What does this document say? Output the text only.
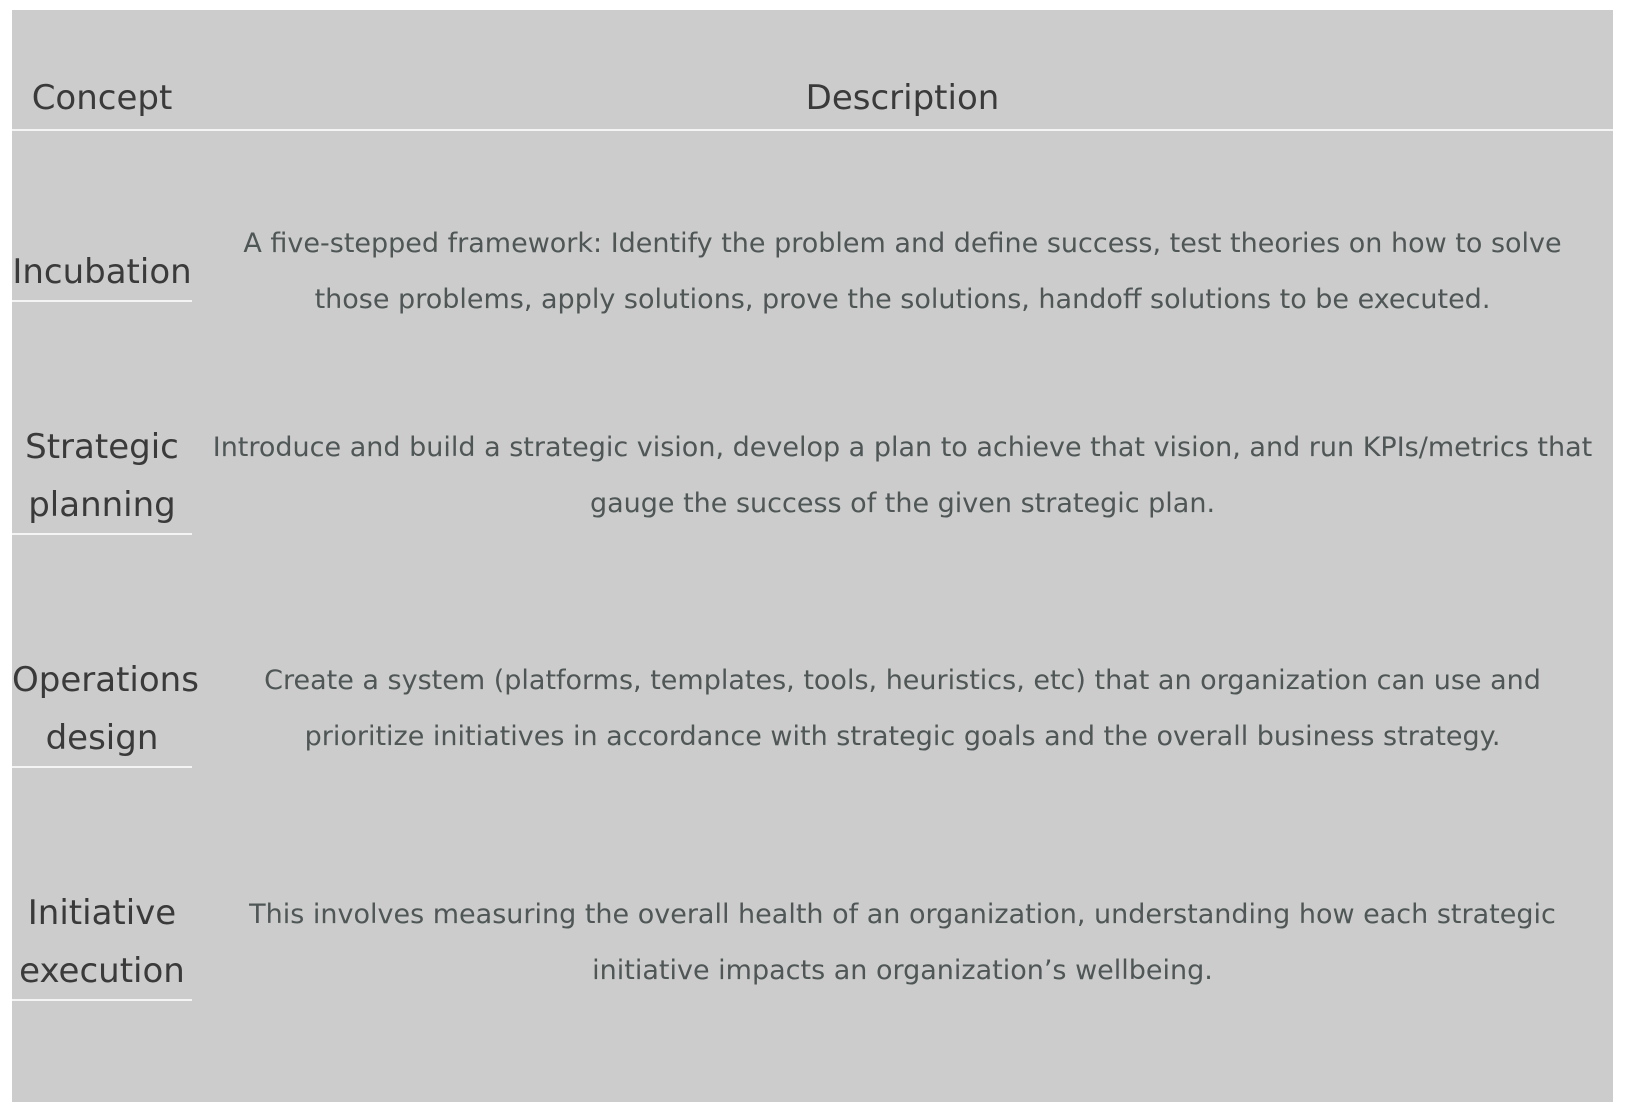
Concept	Description
Incubation
A five-stepped framework: Identify the problem and define success, test theories on how to solve those problems, apply solutions, prove the solutions, handoff solutions to be executed.
Strategic planning
Introduce and build a strategic vision, develop a plan to achieve that vision, and run KPIs/metrics that gauge the success of the given strategic plan.
Operations design
Create a system (platforms, templates, tools, heuristics, etc) that an organization can use and prioritize initiatives in accordance with strategic goals and the overall business strategy.
Initiative execution
This involves measuring the overall health of an organization, understanding how each strategic initiative impacts an organization’s wellbeing.
